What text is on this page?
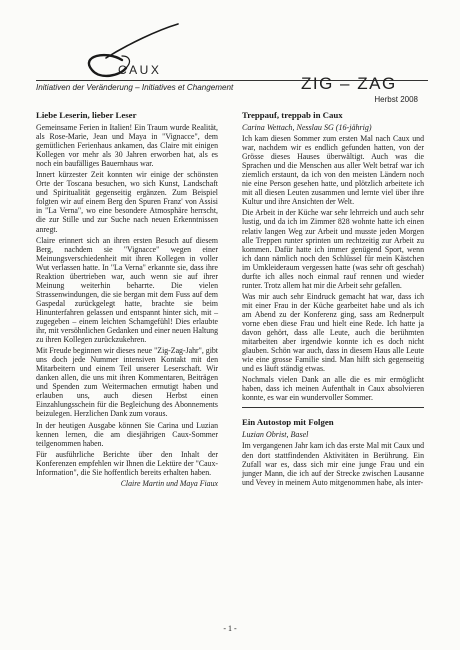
CAUX
Initiativen der Veränderung – Initiatives et Changement	ZIG – ZAG
Herbst 2008
Liebe Leserin, lieber Leser

Gemeinsame Ferien in Italien! Ein Traum wurde Realität, als Rose-Marie, Jean und Maya in "Vignacce", dem gemütlichen Ferienhaus ankamen, das Claire mit einigen Kollegen vor mehr als 30 Jahren erworben hat, als es noch ein baufälliges Bauernhaus war.

Innert kürzester Zeit konnten wir einige der schönsten Orte der Toscana besuchen, wo sich Kunst, Landschaft und Spiritualität gegenseitig ergänzen. Zum Beispiel folgten wir auf einem Berg den Spuren Franz' von Assisi in "La Verna", wo eine besondere Atmosphäre herrscht, die zur Stille und zur Suche nach neuen Erkenntnissen anregt.

Claire erinnert sich an ihren ersten Besuch auf diesem Berg, nachdem sie "Vignacce" wegen einer Meinungsverschiedenheit mit ihren Kollegen in voller Wut verlassen hatte. In "La Verna" erkannte sie, dass ihre Reaktion übertrieben war, auch wenn sie auf ihrer Meinung weiterhin beharrte. Die vielen Strassenwindungen, die sie bergan mit dem Fuss auf dem Gaspedal zurückgelegt hatte, brachte sie beim Hinunterfahren gelassen und entspannt hinter sich, mit – zugegeben – einem leichten Schamgefühl! Dies erlaubte ihr, mit versöhnlichen Gedanken und einer neuen Haltung zu ihren Kollegen zurückzukehren.

Mit Freude beginnen wir dieses neue "Zig-Zag-Jahr", gibt uns doch jede Nummer intensiven Kontakt mit den Mitarbeitern und einem Teil unserer Leserschaft. Wir danken allen, die uns mit ihren Kommentaren, Beiträgen und Spenden zum Weitermachen ermutigt haben und erlauben uns, auch diesen Herbst einen Einzahlungsschein für die Begleichung des Abonnements beizulegen. Herzlichen Dank zum voraus.

In der heutigen Ausgabe können Sie Carina und Luzian kennen lernen, die am diesjährigen Caux-Sommer teilgenommen haben.

Für ausführliche Berichte über den Inhalt der Konferenzen empfehlen wir Ihnen die Lektüre der "Caux-Information", die Sie hoffentlich bereits erhalten haben.

Claire Martin und Maya Fiaux

Treppauf, treppab in Caux

Carina Wettach, Nesslau SG (16-jährig)

Ich kam diesen Sommer zum ersten Mal nach Caux und war, nachdem wir es endlich gefunden hatten, von der Grösse dieses Hauses überwältigt. Auch was die Sprachen und die Menschen aus aller Welt betraf war ich ziemlich erstaunt, da ich von den meisten Ländern noch nie eine Person gesehen hatte, und plötzlich arbeitete ich mit all diesen Leuten zusammen und lernte viel über ihre Kultur und ihre Ansichten der Welt.

Die Arbeit in der Küche war sehr lehrreich und auch sehr lustig, und da ich im Zimmer 828 wohnte hatte ich einen relativ langen Weg zur Arbeit und musste jeden Morgen alle Treppen runter sprinten um rechtzeitig zur Arbeit zu kommen. Dafür hatte ich immer genügend Sport, wenn ich dann nämlich noch den Schlüssel für mein Kästchen im Umkleideraum vergessen hatte (was sehr oft geschah) durfte ich alles noch einmal rauf rennen und wieder runter. Trotz allem hat mir die Arbeit sehr gefallen.

Was mir auch sehr Eindruck gemacht hat war, dass ich mit einer Frau in der Küche gearbeitet habe und als ich am Abend zu der Konferenz ging, sass am Rednerpult vorne eben diese Frau und hielt eine Rede. Ich hatte ja davon gehört, dass alle Leute, auch die berühmten mitarbeiten aber irgendwie konnte ich es doch nicht glauben. Schön war auch, dass in diesem Haus alle Leute wie eine grosse Familie sind. Man hilft sich gegenseitig und es läuft ständig etwas.

Nochmals vielen Dank an alle die es mir ermöglicht haben, dass ich meinen Aufenthalt in Caux absolvieren konnte, es war ein wundervoller Sommer.

Ein Autostop mit Folgen

Luzian Obrist, Basel

Im vergangenen Jahr kam ich das erste Mal mit Caux und den dort stattfindenden Aktivitäten in Berührung. Ein Zufall war es, dass sich mir eine junge Frau und ein junger Mann, die ich auf der Strecke zwischen Lausanne und Vevey in meinem Auto mitgenommen habe, als inter-

- 1 -
